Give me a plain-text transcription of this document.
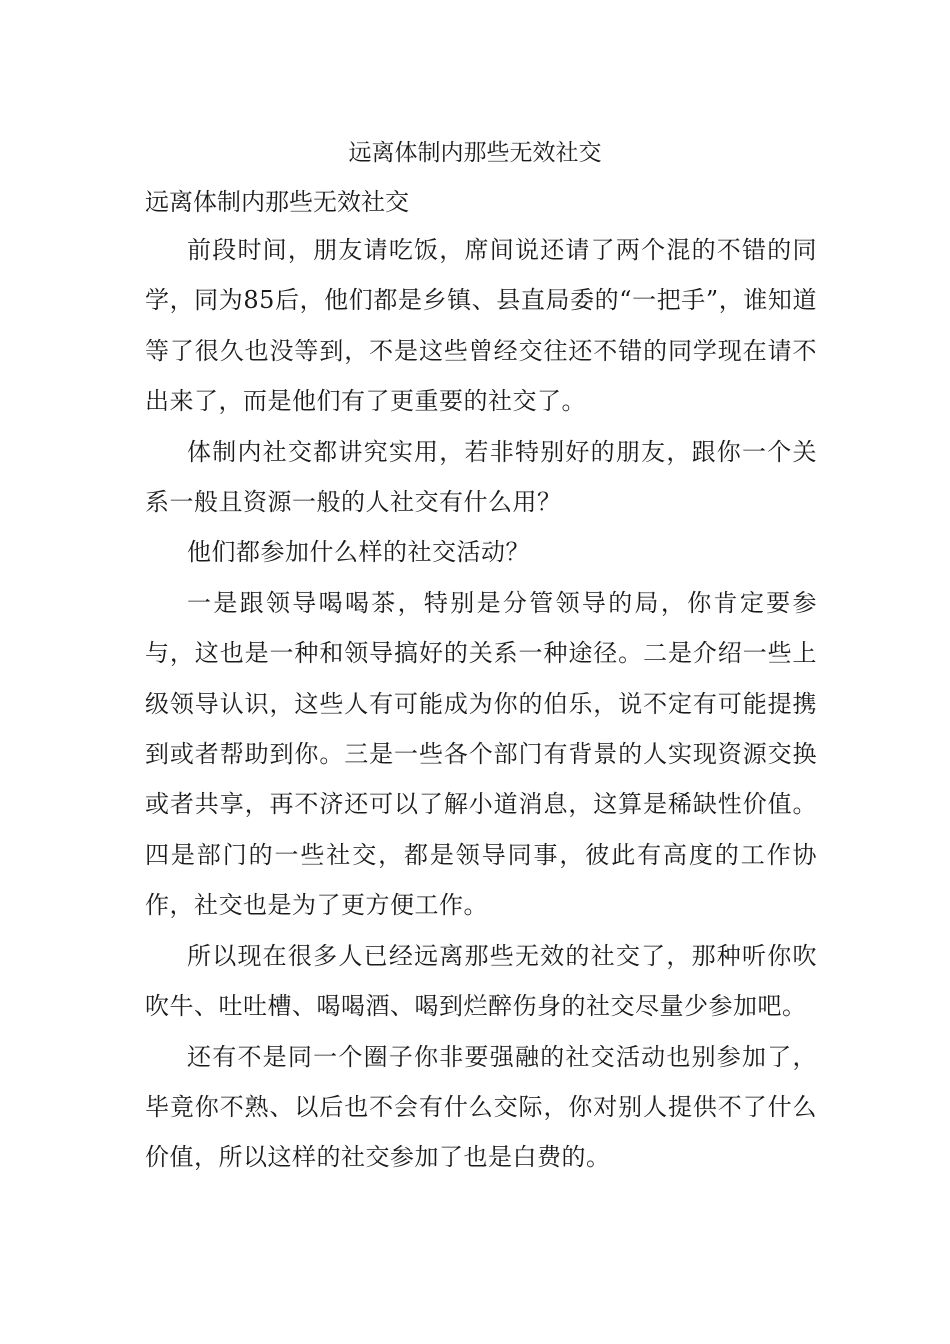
远离体制内那些无效社交
远离体制内那些无效社交

前段时间，朋友请吃饭，席间说还请了两个混的不错的同学，同为85后，他们都是乡镇、县直局委的“一把手”，谁知道等了很久也没等到，不是这些曾经交往还不错的同学现在请不出来了，而是他们有了更重要的社交了。

体制内社交都讲究实用，若非特别好的朋友，跟你一个关系一般且资源一般的人社交有什么用？

他们都参加什么样的社交活动？

一是跟领导喝喝茶，特别是分管领导的局，你肯定要参与，这也是一种和领导搞好的关系一种途径。二是介绍一些上级领导认识，这些人有可能成为你的伯乐，说不定有可能提携到或者帮助到你。三是一些各个部门有背景的人实现资源交换或者共享，再不济还可以了解小道消息，这算是稀缺性价值。四是部门的一些社交，都是领导同事，彼此有高度的工作协作，社交也是为了更方便工作。

所以现在很多人已经远离那些无效的社交了，那种听你吹吹牛、吐吐槽、喝喝酒、喝到烂醉伤身的社交尽量少参加吧。

还有不是同一个圈子你非要强融的社交活动也别参加了，毕竟你不熟、以后也不会有什么交际，你对别人提供不了什么价值，所以这样的社交参加了也是白费的。
